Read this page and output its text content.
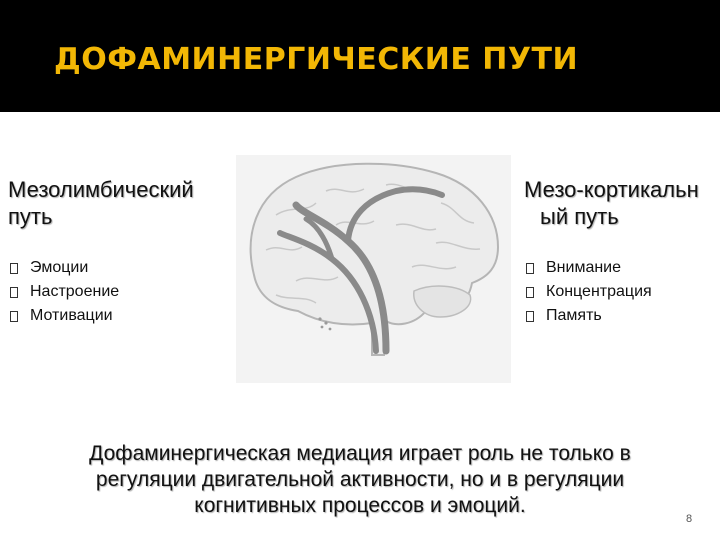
ДОФАМИНЕРГИЧЕСКИЕ ПУТИ
Мезолимбический
путь
Эмоции
Настроение
Мотивации
Мезо-кортикальн
ый путь
Внимание
Концентрация
Память
Дофаминергическая медиация играет роль не только в регуляции двигательной активности, но и в регуляции когнитивных процессов и эмоций.
8
